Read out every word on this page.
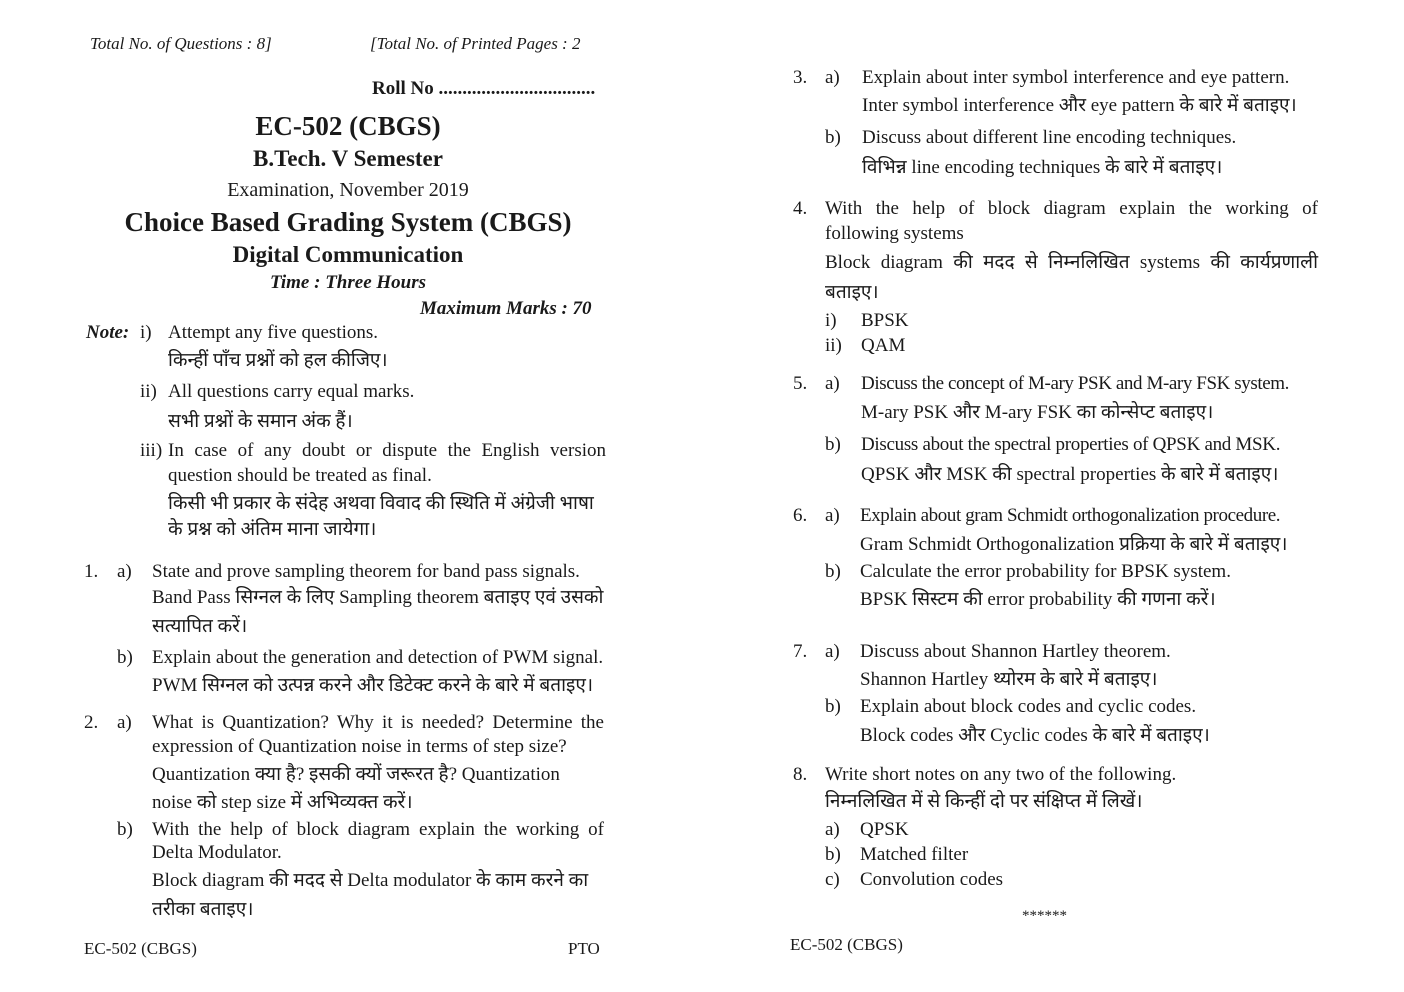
Total No. of Questions : 8]	[Total No. of Printed Pages : 2
Roll No .................................
EC-502 (CBGS)
B.Tech. V Semester
Examination, November 2019
Choice Based Grading System (CBGS)
Digital Communication
Time : Three Hours
Maximum Marks : 70
Note: i) Attempt any five questions.
किन्हीं पाँच प्रश्नों को हल कीजिए।
ii) All questions carry equal marks.
सभी प्रश्नों के समान अंक हैं।
iii) In case of any doubt or dispute the English version
question should be treated as final.
किसी भी प्रकार के संदेह अथवा विवाद की स्थिति में अंग्रेजी भाषा
के प्रश्न को अंतिम माना जायेगा।
1. a) State and prove sampling theorem for band pass signals.
Band Pass सिग्नल के लिए Sampling theorem बताइए एवं उसको
सत्यापित करें।
b) Explain about the generation and detection of PWM signal.
PWM सिग्नल को उत्पन्न करने और डिटेक्ट करने के बारे में बताइए।
2. a) What is Quantization? Why it is needed? Determine the
expression of Quantization noise in terms of step size?
Quantization क्या है? इसकी क्यों जरूरत है? Quantization
noise को step size में अभिव्यक्त करें।
b) With the help of block diagram explain the working of
Delta Modulator.
Block diagram की मदद से Delta modulator के काम करने का
तरीका बताइए।
EC-502 (CBGS)	PTO
3. a) Explain about inter symbol interference and eye pattern.
Inter symbol interference और eye pattern के बारे में बताइए।
b) Discuss about different line encoding techniques.
विभिन्न line encoding techniques के बारे में बताइए।
4. With the help of block diagram explain the working of
following systems
Block diagram की मदद से निम्नलिखित systems की कार्यप्रणाली
बताइए।
i) BPSK
ii) QAM
5. a) Discuss the concept of M-ary PSK and M-ary FSK system.
M-ary PSK और M-ary FSK का कोन्सेप्ट बताइए।
b) Discuss about the spectral properties of QPSK and MSK.
QPSK और MSK की spectral properties के बारे में बताइए।
6. a) Explain about gram Schmidt orthogonalization procedure.
Gram Schmidt Orthogonalization प्रक्रिया के बारे में बताइए।
b) Calculate the error probability for BPSK system.
BPSK सिस्टम की error probability की गणना करें।
7. a) Discuss about Shannon Hartley theorem.
Shannon Hartley थ्योरम के बारे में बताइए।
b) Explain about block codes and cyclic codes.
Block codes और Cyclic codes के बारे में बताइए।
8. Write short notes on any two of the following.
निम्नलिखित में से किन्हीं दो पर संक्षिप्त में लिखें।
a) QPSK
b) Matched filter
c) Convolution codes
******
EC-502 (CBGS)
